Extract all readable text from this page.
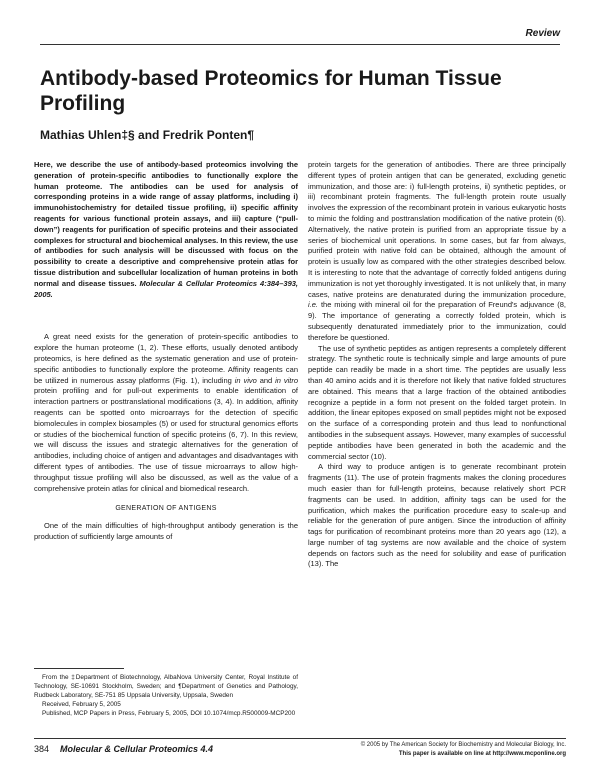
Review
Antibody-based Proteomics for Human Tissue Profiling
Mathias Uhlen‡§ and Fredrik Ponten¶

Here, we describe the use of antibody-based proteomics involving the generation of protein-specific antibodies to functionally explore the human proteome. The antibodies can be used for analysis of corresponding proteins in a wide range of assay platforms, including i) immunohistochemistry for detailed tissue profiling, ii) specific affinity reagents for various functional protein assays, and iii) capture (“pull-down”) reagents for purification of specific proteins and their associated complexes for structural and biochemical analyses. In this review, the use of antibodies for such analysis will be discussed with focus on the possibility to create a descriptive and comprehensive protein atlas for tissue distribution and subcellular localization of human proteins in both normal and disease tissues. Molecular & Cellular Proteomics 4:384–393, 2005.

A great need exists for the generation of protein-specific antibodies to explore the human proteome (1, 2). These efforts, usually denoted antibody proteomics, is here defined as the systematic generation and use of protein-specific antibodies to functionally explore the proteome. Affinity reagents can be utilized in numerous assay platforms (Fig. 1), including in vivo and in vitro protein profiling and for pull-out experiments to enable identification of interaction partners or posttranslational modifications (3, 4). In addition, affinity reagents can be spotted onto microarrays for the detection of specific biomolecules in complex biosamples (5) or used for structural genomics efforts or studies of the biochemical function of specific proteins (6, 7). In this review, we will discuss the issues and strategic alternatives for the generation of antibodies, including choice of antigen and advantages and disadvantages with different types of antibodies. The use of tissue microarrays to allow high-throughput tissue profiling will also be discussed, as well as the value of a comprehensive protein atlas for clinical and biomedical research.

GENERATION OF ANTIGENS

One of the main difficulties of high-throughput antibody generation is the production of sufficiently large amounts of

protein targets for the generation of antibodies. There are three principally different types of protein antigen that can be generated, excluding genetic immunization, and those are: i) full-length proteins, ii) synthetic peptides, or iii) recombinant protein fragments. The full-length protein route usually involves the expression of the recombinant protein in various eukaryotic hosts to mimic the folding and posttranslation modification of the native protein (6). Alternatively, the native protein is purified from an appropriate tissue by a series of biochemical unit operations. In some cases, but far from always, purified protein with native fold can be obtained, although the amount of protein is usually low as compared with the other strategies described below. It is interesting to note that the advantage of correctly folded antigens during immunization is not yet thoroughly investigated. It is not unlikely that, in many cases, native proteins are denaturated during the immunization procedure, i.e. the mixing with mineral oil for the preparation of Freund's adjuvance (8, 9). The importance of generating a correctly folded protein, which is subsequently denaturated immediately prior to the immunization, could therefore be questioned.

The use of synthetic peptides as antigen represents a completely different strategy. The synthetic route is technically simple and large amounts of pure peptide can readily be made in a short time. The peptides are usually less than 40 amino acids and it is therefore not likely that native folded structures are obtained. This means that a large fraction of the obtained antibodies recognize a peptide in a form not present on the folded target protein. In addition, the linear epitopes exposed on small peptides might not be exposed on the surface of a corresponding protein and thus lead to nonfunctional antibodies in the subsequent assays. However, many examples of successful peptide antibodies have been generated in both the academic and the commercial sector (10).

A third way to produce antigen is to generate recombinant protein fragments (11). The use of protein fragments makes the cloning procedures much easier than for full-length proteins, because relatively short PCR fragments can be used. In addition, affinity tags can be used for the purification, which makes the purification procedure easy to scale-up and reliable for the generation of pure antigen. Since the introduction of affinity tags for purification of recombinant proteins more than 20 years ago (12), a large number of tag systems are now available and the choice of system depends on factors such as the need for solubility and ease of purification (13). The

From the ‡Department of Biotechnology, AlbaNova University Center, Royal Institute of Technology, SE-10691 Stockholm, Sweden; and ¶Department of Genetics and Pathology, Rudbeck Laboratory, SE-751 85 Uppsala University, Uppsala, Sweden
Received, February 5, 2005
Published, MCP Papers in Press, February 5, 2005, DOI 10.1074/mcp.R500009-MCP200
384 Molecular & Cellular Proteomics 4.4	© 2005 by The American Society for Biochemistry and Molecular Biology, Inc.
This paper is available on line at http://www.mcponline.org
